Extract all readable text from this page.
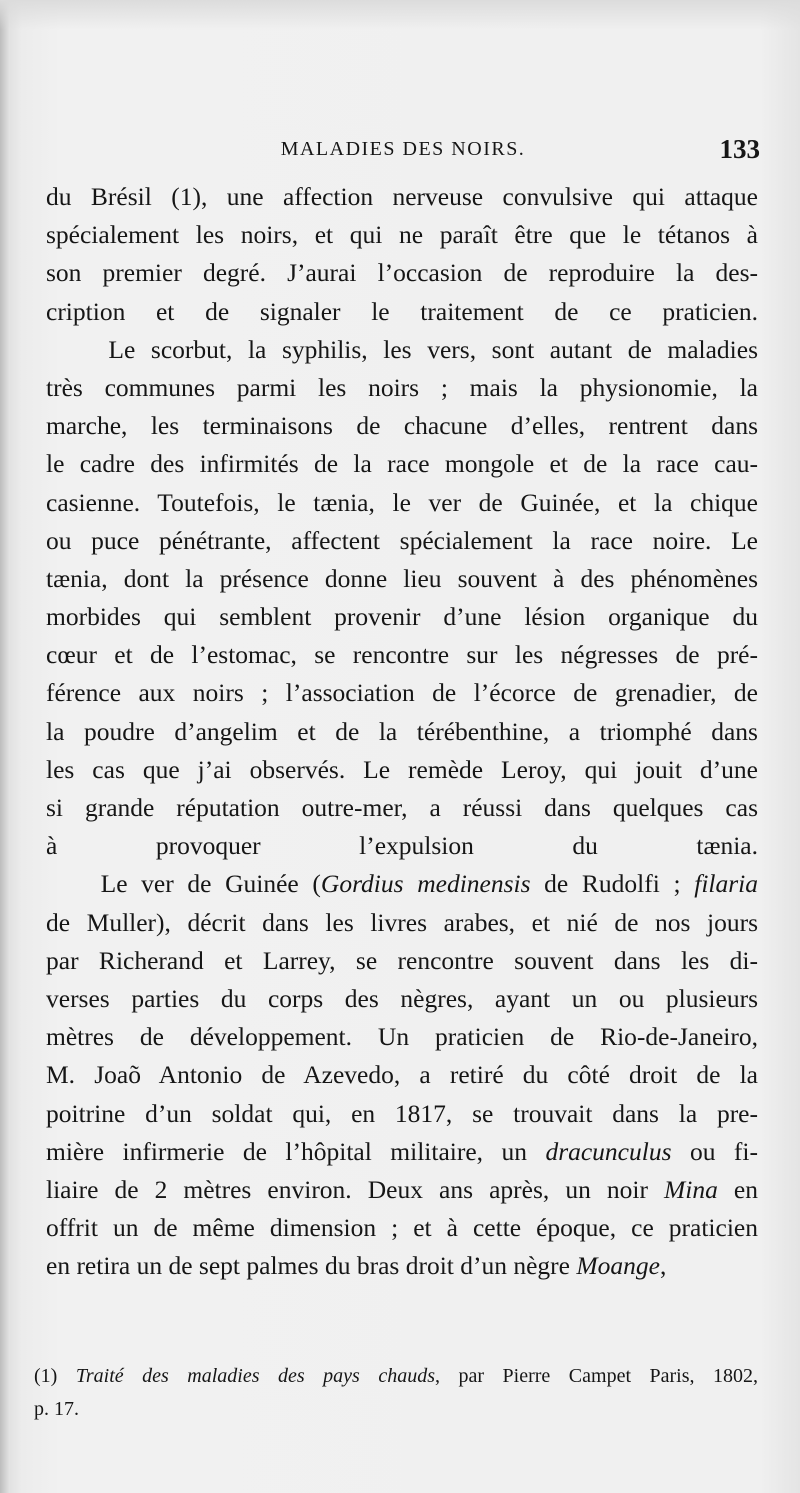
MALADIES DES NOIRS.	133
du Brésil (1), une affection nerveuse convulsive qui attaque
spécialement les noirs, et qui ne paraît être que le tétanos à
son premier degré. J’aurai l’occasion de reproduire la des-
cription et de signaler le traitement de ce praticien.
Le scorbut, la syphilis, les vers, sont autant de maladies
très communes parmi les noirs ; mais la physionomie, la
marche, les terminaisons de chacune d’elles, rentrent dans
le cadre des infirmités de la race mongole et de la race cau-
casienne. Toutefois, le tænia, le ver de Guinée, et la chique
ou puce pénétrante, affectent spécialement la race noire. Le
tænia, dont la présence donne lieu souvent à des phénomènes
morbides qui semblent provenir d’une lésion organique du
cœur et de l’estomac, se rencontre sur les négresses de pré-
férence aux noirs ; l’association de l’écorce de grenadier, de
la poudre d’angelim et de la térébenthine, a triomphé dans
les cas que j’ai observés. Le remède Leroy, qui jouit d’une
si grande réputation outre-mer, a réussi dans quelques cas
à provoquer l’expulsion du tænia.
Le ver de Guinée (Gordius medinensis de Rudolfi ; filaria
de Muller), décrit dans les livres arabes, et nié de nos jours
par Richerand et Larrey, se rencontre souvent dans les di-
verses parties du corps des nègres, ayant un ou plusieurs
mètres de développement. Un praticien de Rio-de-Janeiro,
M. Joaõ Antonio de Azevedo, a retiré du côté droit de la
poitrine d’un soldat qui, en 1817, se trouvait dans la pre-
mière infirmerie de l’hôpital militaire, un dracunculus ou fi-
liaire de 2 mètres environ. Deux ans après, un noir Mina en
offrit un de même dimension ; et à cette époque, ce praticien
en retira un de sept palmes du bras droit d’un nègre Moange,
(1) Traité des maladies des pays chauds, par Pierre Campet Paris, 1802,
p. 17.
